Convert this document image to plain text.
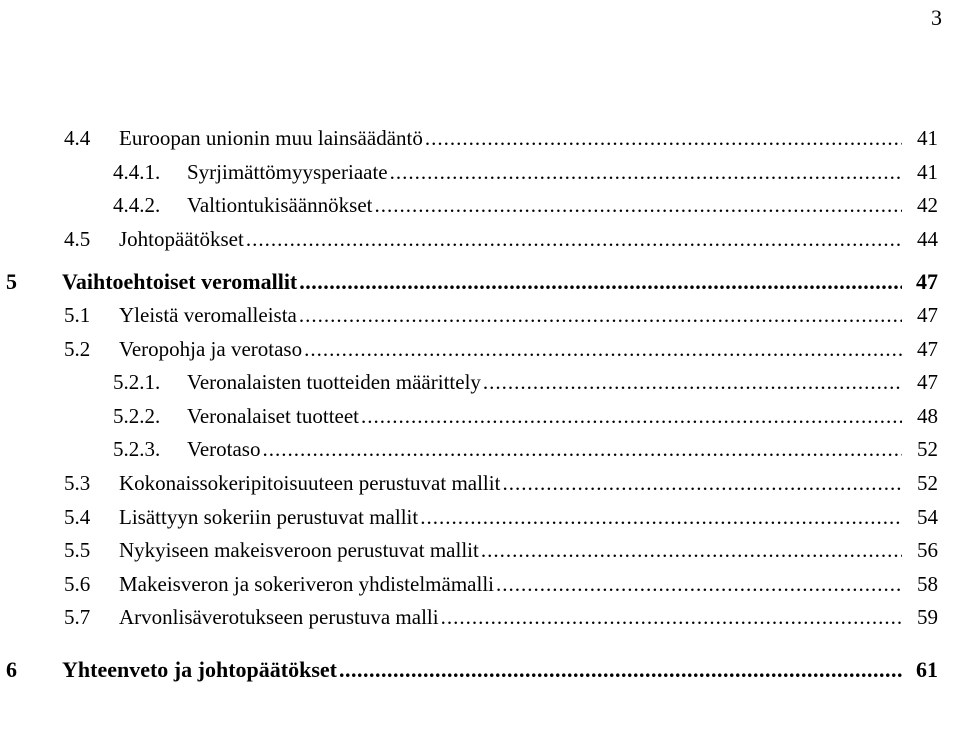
3
4.4	Euroopan unionin muu lainsäädäntö .....	41
4.4.1.	Syrjimättömyysperiaate .....	41
4.4.2.	Valtiontukisäännökset .....	42
4.5	Johtopäätökset .....	44
5	Vaihtoehtoiset veromallit .....	47
5.1	Yleistä veromalleista .....	47
5.2	Veropohja ja verotaso .....	47
5.2.1.	Veronalaisten tuotteiden määrittely .....	47
5.2.2.	Veronalaiset tuotteet .....	48
5.2.3.	Verotaso .....	52
5.3	Kokonaissokeripitoisuuteen perustuvat mallit .....	52
5.4	Lisättyyn sokeriin perustuvat mallit .....	54
5.5	Nykyiseen makeisveroon perustuvat mallit .....	56
5.6	Makeisveron ja sokeriveron yhdistelmämalli .....	58
5.7	Arvonlisäverotukseen perustuva malli .....	59
6	Yhteenveto ja johtopäätökset .....	61
